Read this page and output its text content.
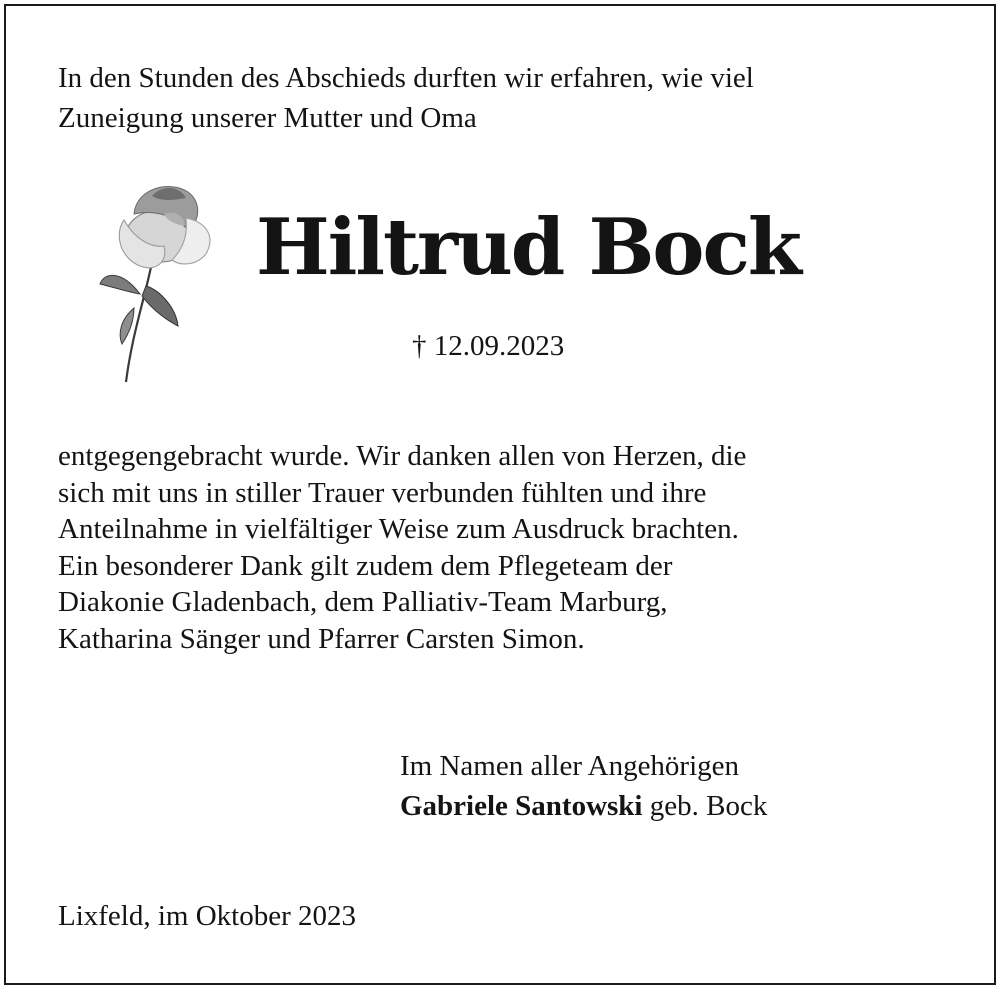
In den Stunden des Abschieds durften wir erfahren, wie viel
Zuneigung unserer Mutter und Oma

Hiltrud Bock
† 12.09.2023

entgegengebracht wurde. Wir danken allen von Herzen, die
sich mit uns in stiller Trauer verbunden fühlten und ihre
Anteilnahme in vielfältiger Weise zum Ausdruck brachten.
Ein besonderer Dank gilt zudem dem Pflegeteam der
Diakonie Gladenbach, dem Palliativ-Team Marburg,
Katharina Sänger und Pfarrer Carsten Simon.

Im Namen aller Angehörigen
Gabriele Santowski geb. Bock
Lixfeld, im Oktober 2023
